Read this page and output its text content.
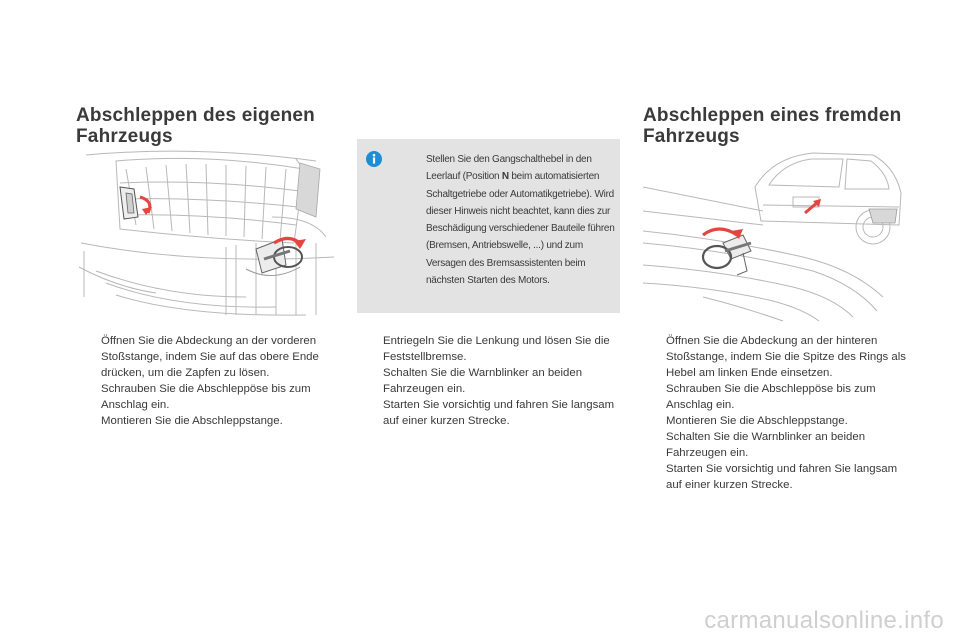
Abschleppen des eigenen
Fahrzeugs
Abschleppen eines fremden
Fahrzeugs
Stellen Sie den Gangschalthebel in den Leerlauf (Position N beim automatisierten Schaltgetriebe oder Automatikgetriebe). Wird dieser Hinweis nicht beachtet, kann dies zur Beschädigung verschiedener Bauteile führen (Bremsen, Antriebswelle, ...) und zum Versagen des Bremsassistenten beim nächsten Starten des Motors.
Öffnen Sie die Abdeckung an der vorderen Stoßstange, indem Sie auf das obere Ende drücken, um die Zapfen zu lösen.
Schrauben Sie die Abschleppöse bis zum Anschlag ein.
Montieren Sie die Abschleppstange.
Entriegeln Sie die Lenkung und lösen Sie die Feststellbremse.
Schalten Sie die Warnblinker an beiden Fahrzeugen ein.
Starten Sie vorsichtig und fahren Sie langsam auf einer kurzen Strecke.
Öffnen Sie die Abdeckung an der hinteren Stoßstange, indem Sie die Spitze des Rings als Hebel am linken Ende einsetzen.
Schrauben Sie die Abschleppöse bis zum Anschlag ein.
Montieren Sie die Abschleppstange.
Schalten Sie die Warnblinker an beiden Fahrzeugen ein.
Starten Sie vorsichtig und fahren Sie langsam auf einer kurzen Strecke.
carmanualsonline.info
